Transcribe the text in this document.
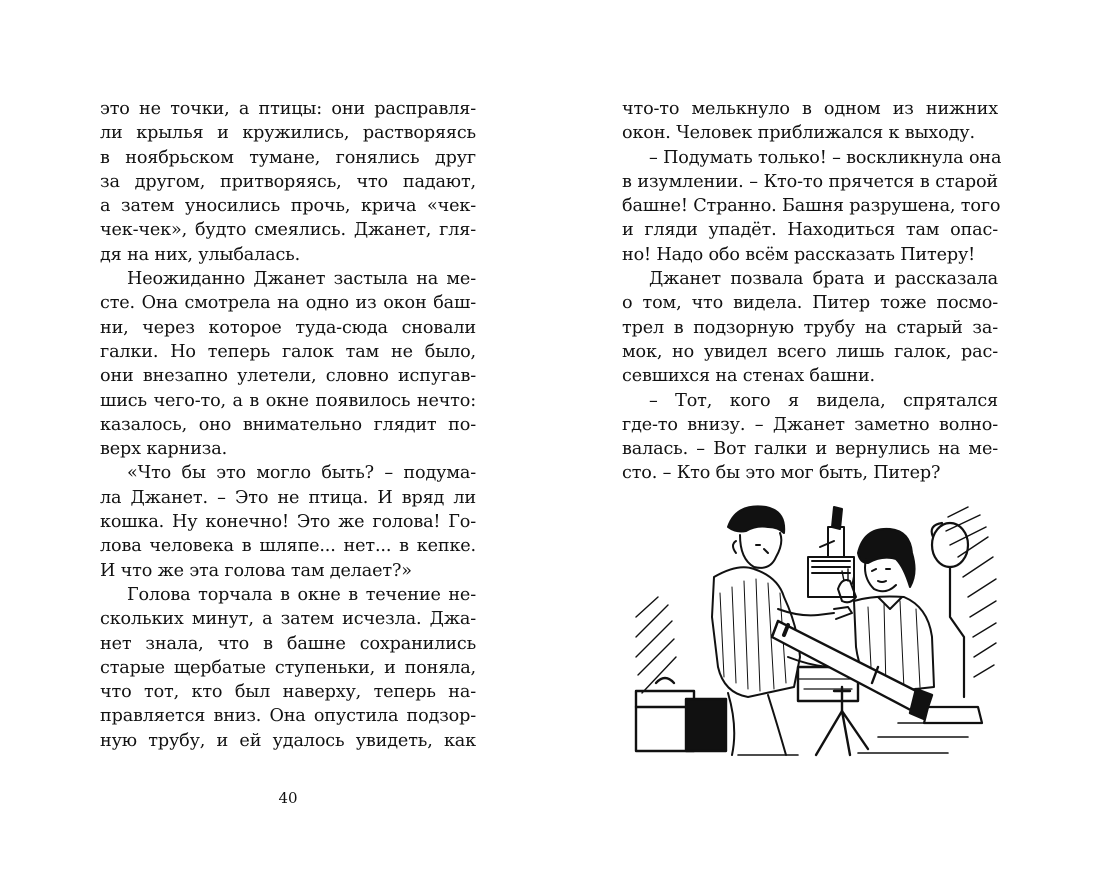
это не точки, а птицы: они расправля-
ли крылья и кружились, растворяясь
в ноябрьском тумане, гонялись друг
за другом, притворяясь, что падают,
а затем уносились прочь, крича «чек-
чек-чек», будто смеялись. Джанет, гля-
дя на них, улыбалась.
Неожиданно Джанет застыла на ме-
сте. Она смотрела на одно из окон баш-
ни, через которое туда-сюда сновали
галки. Но теперь галок там не было,
они внезапно улетели, словно испугав-
шись чего-то, а в окне появилось нечто:
казалось, оно внимательно глядит по-
верх карниза.
«Что бы это могло быть? – подума-
ла Джанет. – Это не птица. И вряд ли
кошка. Ну конечно! Это же голова! Го-
лова человека в шляпе... нет... в кепке.
И что же эта голова там делает?»
Голова торчала в окне в течение не-
скольких минут, а затем исчезла. Джа-
нет знала, что в башне сохранились
старые щербатые ступеньки, и поняла,
что тот, кто был наверху, теперь на-
правляется вниз. Она опустила подзор-
ную трубу, и ей удалось увидеть, как
40
что-то мелькнуло в одном из нижних
окон. Человек приближался к выходу.
– Подумать только! – воскликнула она
в изумлении. – Кто-то прячется в старой
башне! Странно. Башня разрушена, того
и гляди упадёт. Находиться там опас-
но! Надо обо всём рассказать Питеру!
Джанет позвала брата и рассказала
о том, что видела. Питер тоже посмо-
трел в подзорную трубу на старый за-
мок, но увидел всего лишь галок, рас-
севшихся на стенах башни.
– Тот, кого я видела, спрятался
где-то внизу. – Джанет заметно волно-
валась. – Вот галки и вернулись на ме-
сто. – Кто бы это мог быть, Питер?
